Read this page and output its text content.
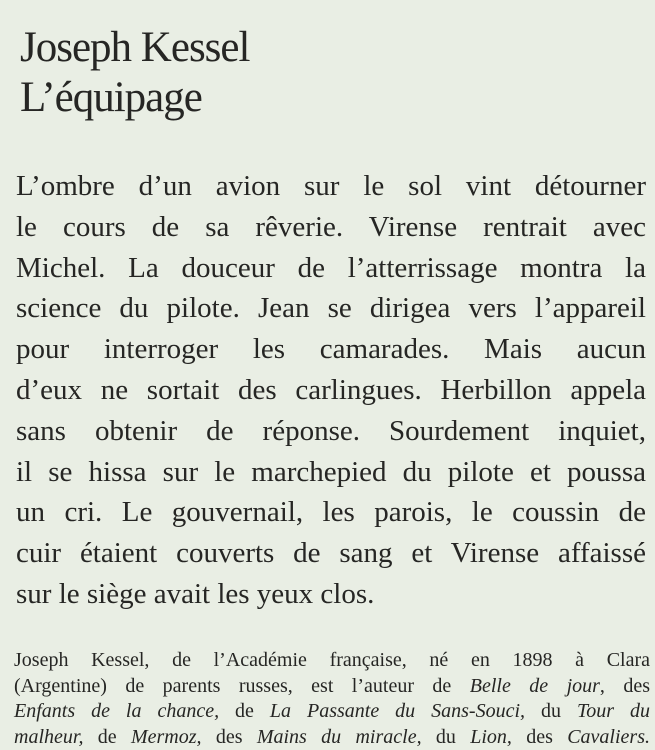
Joseph Kessel
L’équipage
L’ombre d’un avion sur le sol vint détourner
le cours de sa rêverie. Virense rentrait avec
Michel. La douceur de l’atterrissage montra la
science du pilote. Jean se dirigea vers l’appareil
pour interroger les camarades. Mais aucun
d’eux ne sortait des carlingues. Herbillon appela
sans obtenir de réponse. Sourdement inquiet,
il se hissa sur le marchepied du pilote et poussa
un cri. Le gouvernail, les parois, le coussin de
cuir étaient couverts de sang et Virense affaissé
sur le siège avait les yeux clos.
Joseph Kessel, de l’Académie française, né en 1898 à Clara
(Argentine) de parents russes, est l’auteur de Belle de jour, des
Enfants de la chance, de La Passante du Sans-Souci, du Tour du
malheur, de Mermoz, des Mains du miracle, du Lion, des Cavaliers.
